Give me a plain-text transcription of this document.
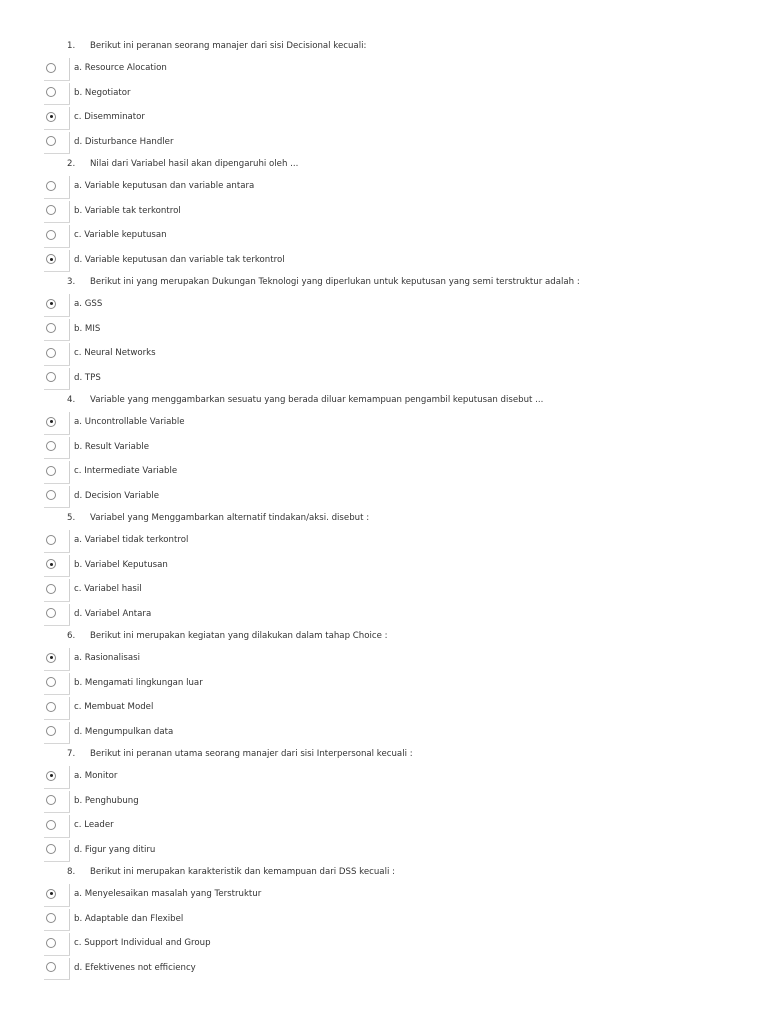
1. Berikut ini peranan seorang manajer dari sisi Decisional kecuali:
a. Resource Alocation
b. Negotiator
c. Disemminator
d. Disturbance Handler
2. Nilai dari Variabel hasil akan dipengaruhi oleh ...
a. Variable keputusan dan variable antara
b. Variable tak terkontrol
c. Variable keputusan
d. Variable keputusan dan variable tak terkontrol
3. Berikut ini yang merupakan Dukungan Teknologi yang diperlukan untuk keputusan yang semi terstruktur adalah :
a. GSS
b. MIS
c. Neural Networks
d. TPS
4. Variable yang menggambarkan sesuatu yang berada diluar kemampuan pengambil keputusan disebut ...
a. Uncontrollable Variable
b. Result Variable
c. Intermediate Variable
d. Decision Variable
5. Variabel yang Menggambarkan alternatif tindakan/aksi. disebut :
a. Variabel tidak terkontrol
b. Variabel Keputusan
c. Variabel hasil
d. Variabel Antara
6. Berikut ini merupakan kegiatan yang dilakukan dalam tahap Choice :
a. Rasionalisasi
b. Mengamati lingkungan luar
c. Membuat Model
d. Mengumpulkan data
7. Berikut ini peranan utama seorang manajer dari sisi Interpersonal kecuali :
a. Monitor
b. Penghubung
c. Leader
d. Figur yang ditiru
8. Berikut ini merupakan karakteristik dan kemampuan dari DSS kecuali :
a. Menyelesaikan masalah yang Terstruktur
b. Adaptable dan Flexibel
c. Support Individual and Group
d. Efektivenes not efficiency
